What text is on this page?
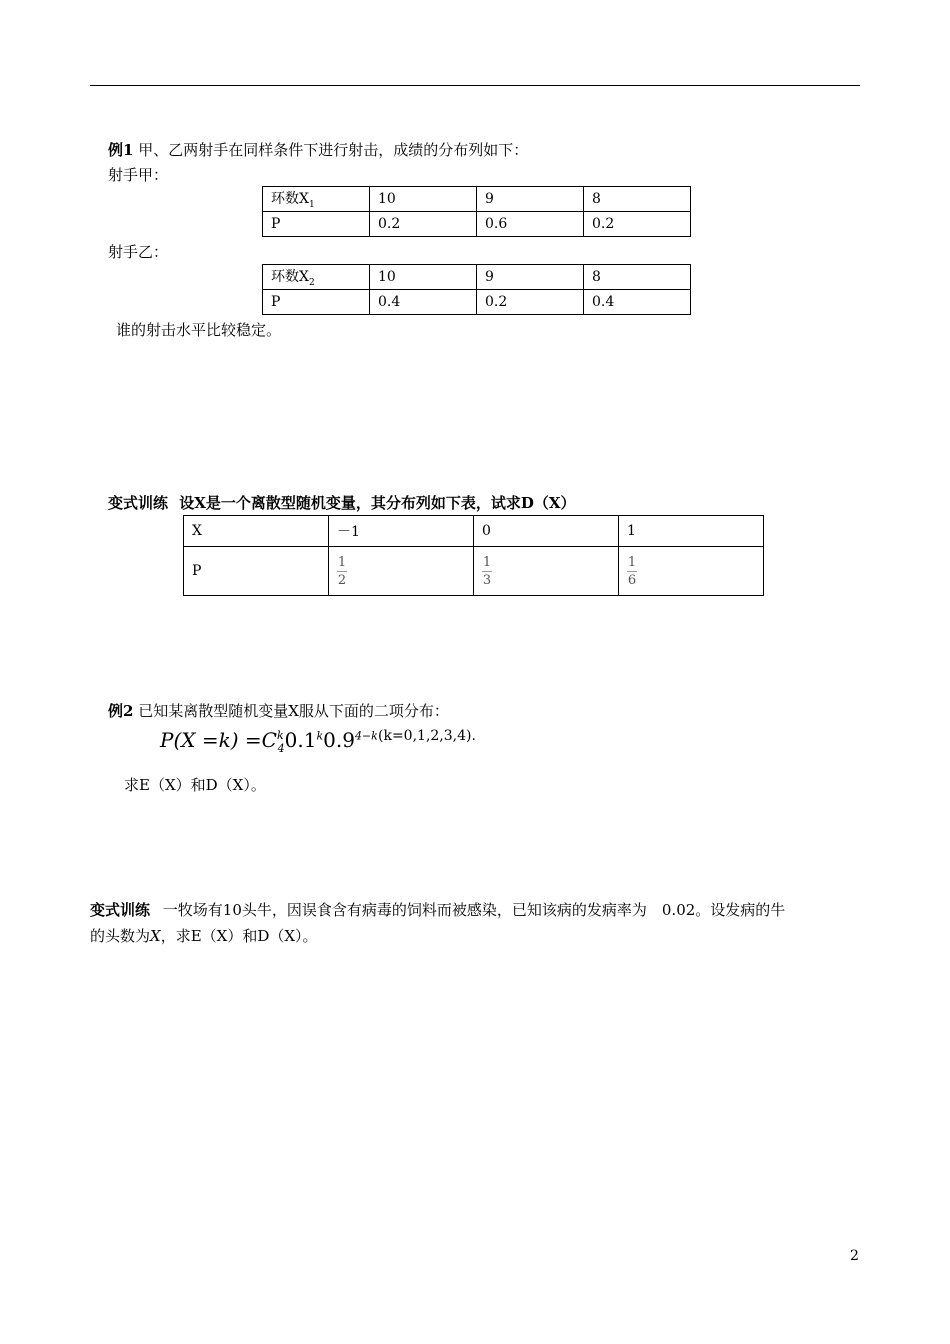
例1 甲、乙两射手在同样条件下进行射击，成绩的分布列如下：
射手甲：
环数$X_1$	10	9	8
P	0.2	0.6	0.2
射手乙：
环数$X_2$	10	9	8
P	0.4	0.2	0.4
谁的射击水平比较稳定。
变式训练 设X是一个离散型随机变量，其分布列如下表，试求D（X）
X	－1	0	1
P	$\frac{1}{2}$	$\frac{1}{3}$	$\frac{1}{6}$
例2 已知某离散型随机变量X服从下面的二项分布：
$P(X =k) =C^k_40.1^k0.9^{4-k}$ (k=0,1,2,3,4).
求E（X）和D（X）。
变式训练 一牧场有10头牛，因误食含有病毒的饲料而被感染，已知该病的发病率为　0.02。设发病的牛
的头数为X，求E（X）和D（X）。
2
